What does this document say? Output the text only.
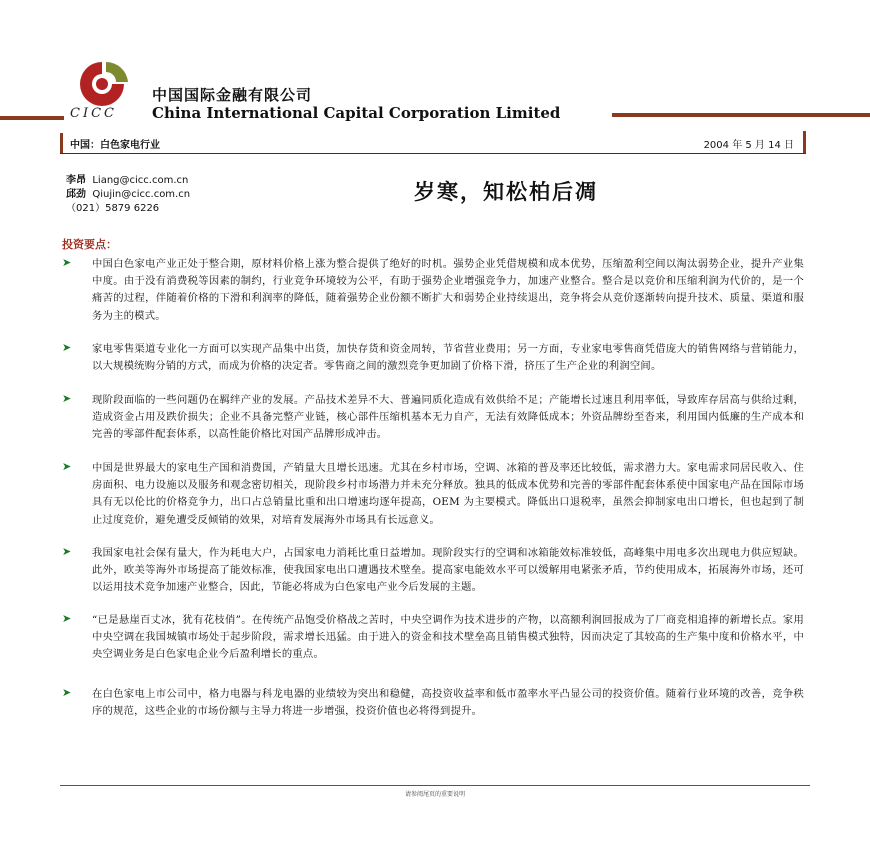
CICC
中国国际金融有限公司
China International Capital Corporation Limited
中国：白色家电行业	2004 年 5 月 14 日
李昂 Liang@cicc.com.cn
邱劲 Qiujin@cicc.com.cn
（021）5879 6226
岁寒，知松柏后凋
投资要点：
➤ 中国白色家电产业正处于整合期，原材料价格上涨为整合提供了绝好的时机。强势企业凭借规模和成本优势，压缩盈利空间以淘汰弱势企业，提升产业集中度。由于没有消费税等因素的制约，行业竞争环境较为公平，有助于强势企业增强竞争力，加速产业整合。整合是以竞价和压缩利润为代价的，是一个痛苦的过程，伴随着价格的下滑和利润率的降低，随着强势企业份额不断扩大和弱势企业持续退出，竞争将会从竞价逐渐转向提升技术、质量、渠道和服务为主的模式。
➤ 家电零售渠道专业化一方面可以实现产品集中出货，加快存货和资金周转，节省营业费用；另一方面，专业家电零售商凭借庞大的销售网络与营销能力，以大规模统购分销的方式，而成为价格的决定者。零售商之间的激烈竞争更加剧了价格下滑，挤压了生产企业的利润空间。
➤ 现阶段面临的一些问题仍在羁绊产业的发展。产品技术差异不大、普遍同质化造成有效供给不足；产能增长过速且利用率低，导致库存居高与供给过剩，造成资金占用及跌价损失；企业不具备完整产业链，核心部件压缩机基本无力自产，无法有效降低成本；外资品牌纷至沓来，利用国内低廉的生产成本和完善的零部件配套体系，以高性能价格比对国产品牌形成冲击。
➤ 中国是世界最大的家电生产国和消费国，产销量大且增长迅速。尤其在乡村市场，空调、冰箱的普及率还比较低，需求潜力大。家电需求同居民收入、住房面积、电力设施以及服务和观念密切相关，现阶段乡村市场潜力并未充分释放。独具的低成本优势和完善的零部件配套体系使中国家电产品在国际市场具有无以伦比的价格竞争力，出口占总销量比重和出口增速均逐年提高，OEM 为主要模式。降低出口退税率，虽然会抑制家电出口增长，但也起到了制止过度竞价，避免遭受反倾销的效果，对培育发展海外市场具有长远意义。
➤ 我国家电社会保有量大，作为耗电大户，占国家电力消耗比重日益增加。现阶段实行的空调和冰箱能效标准较低，高峰集中用电多次出现电力供应短缺。此外，欧美等海外市场提高了能效标准，使我国家电出口遭遇技术壁垒。提高家电能效水平可以缓解用电紧张矛盾，节约使用成本，拓展海外市场，还可以运用技术竞争加速产业整合，因此，节能必将成为白色家电产业今后发展的主题。
➤ “已是悬崖百丈冰，犹有花枝俏”。在传统产品饱受价格战之苦时，中央空调作为技术进步的产物，以高额利润回报成为了厂商竞相追捧的新增长点。家用中央空调在我国城镇市场处于起步阶段，需求增长迅猛。由于进入的资金和技术壁垒高且销售模式独特，因而决定了其较高的生产集中度和价格水平，中央空调业务是白色家电企业今后盈利增长的重点。
➤ 在白色家电上市公司中，格力电器与科龙电器的业绩较为突出和稳健，高投资收益率和低市盈率水平凸显公司的投资价值。随着行业环境的改善，竞争秩序的规范，这些企业的市场份额与主导力将进一步增强，投资价值也必将得到提升。
请参阅尾页的重要说明
